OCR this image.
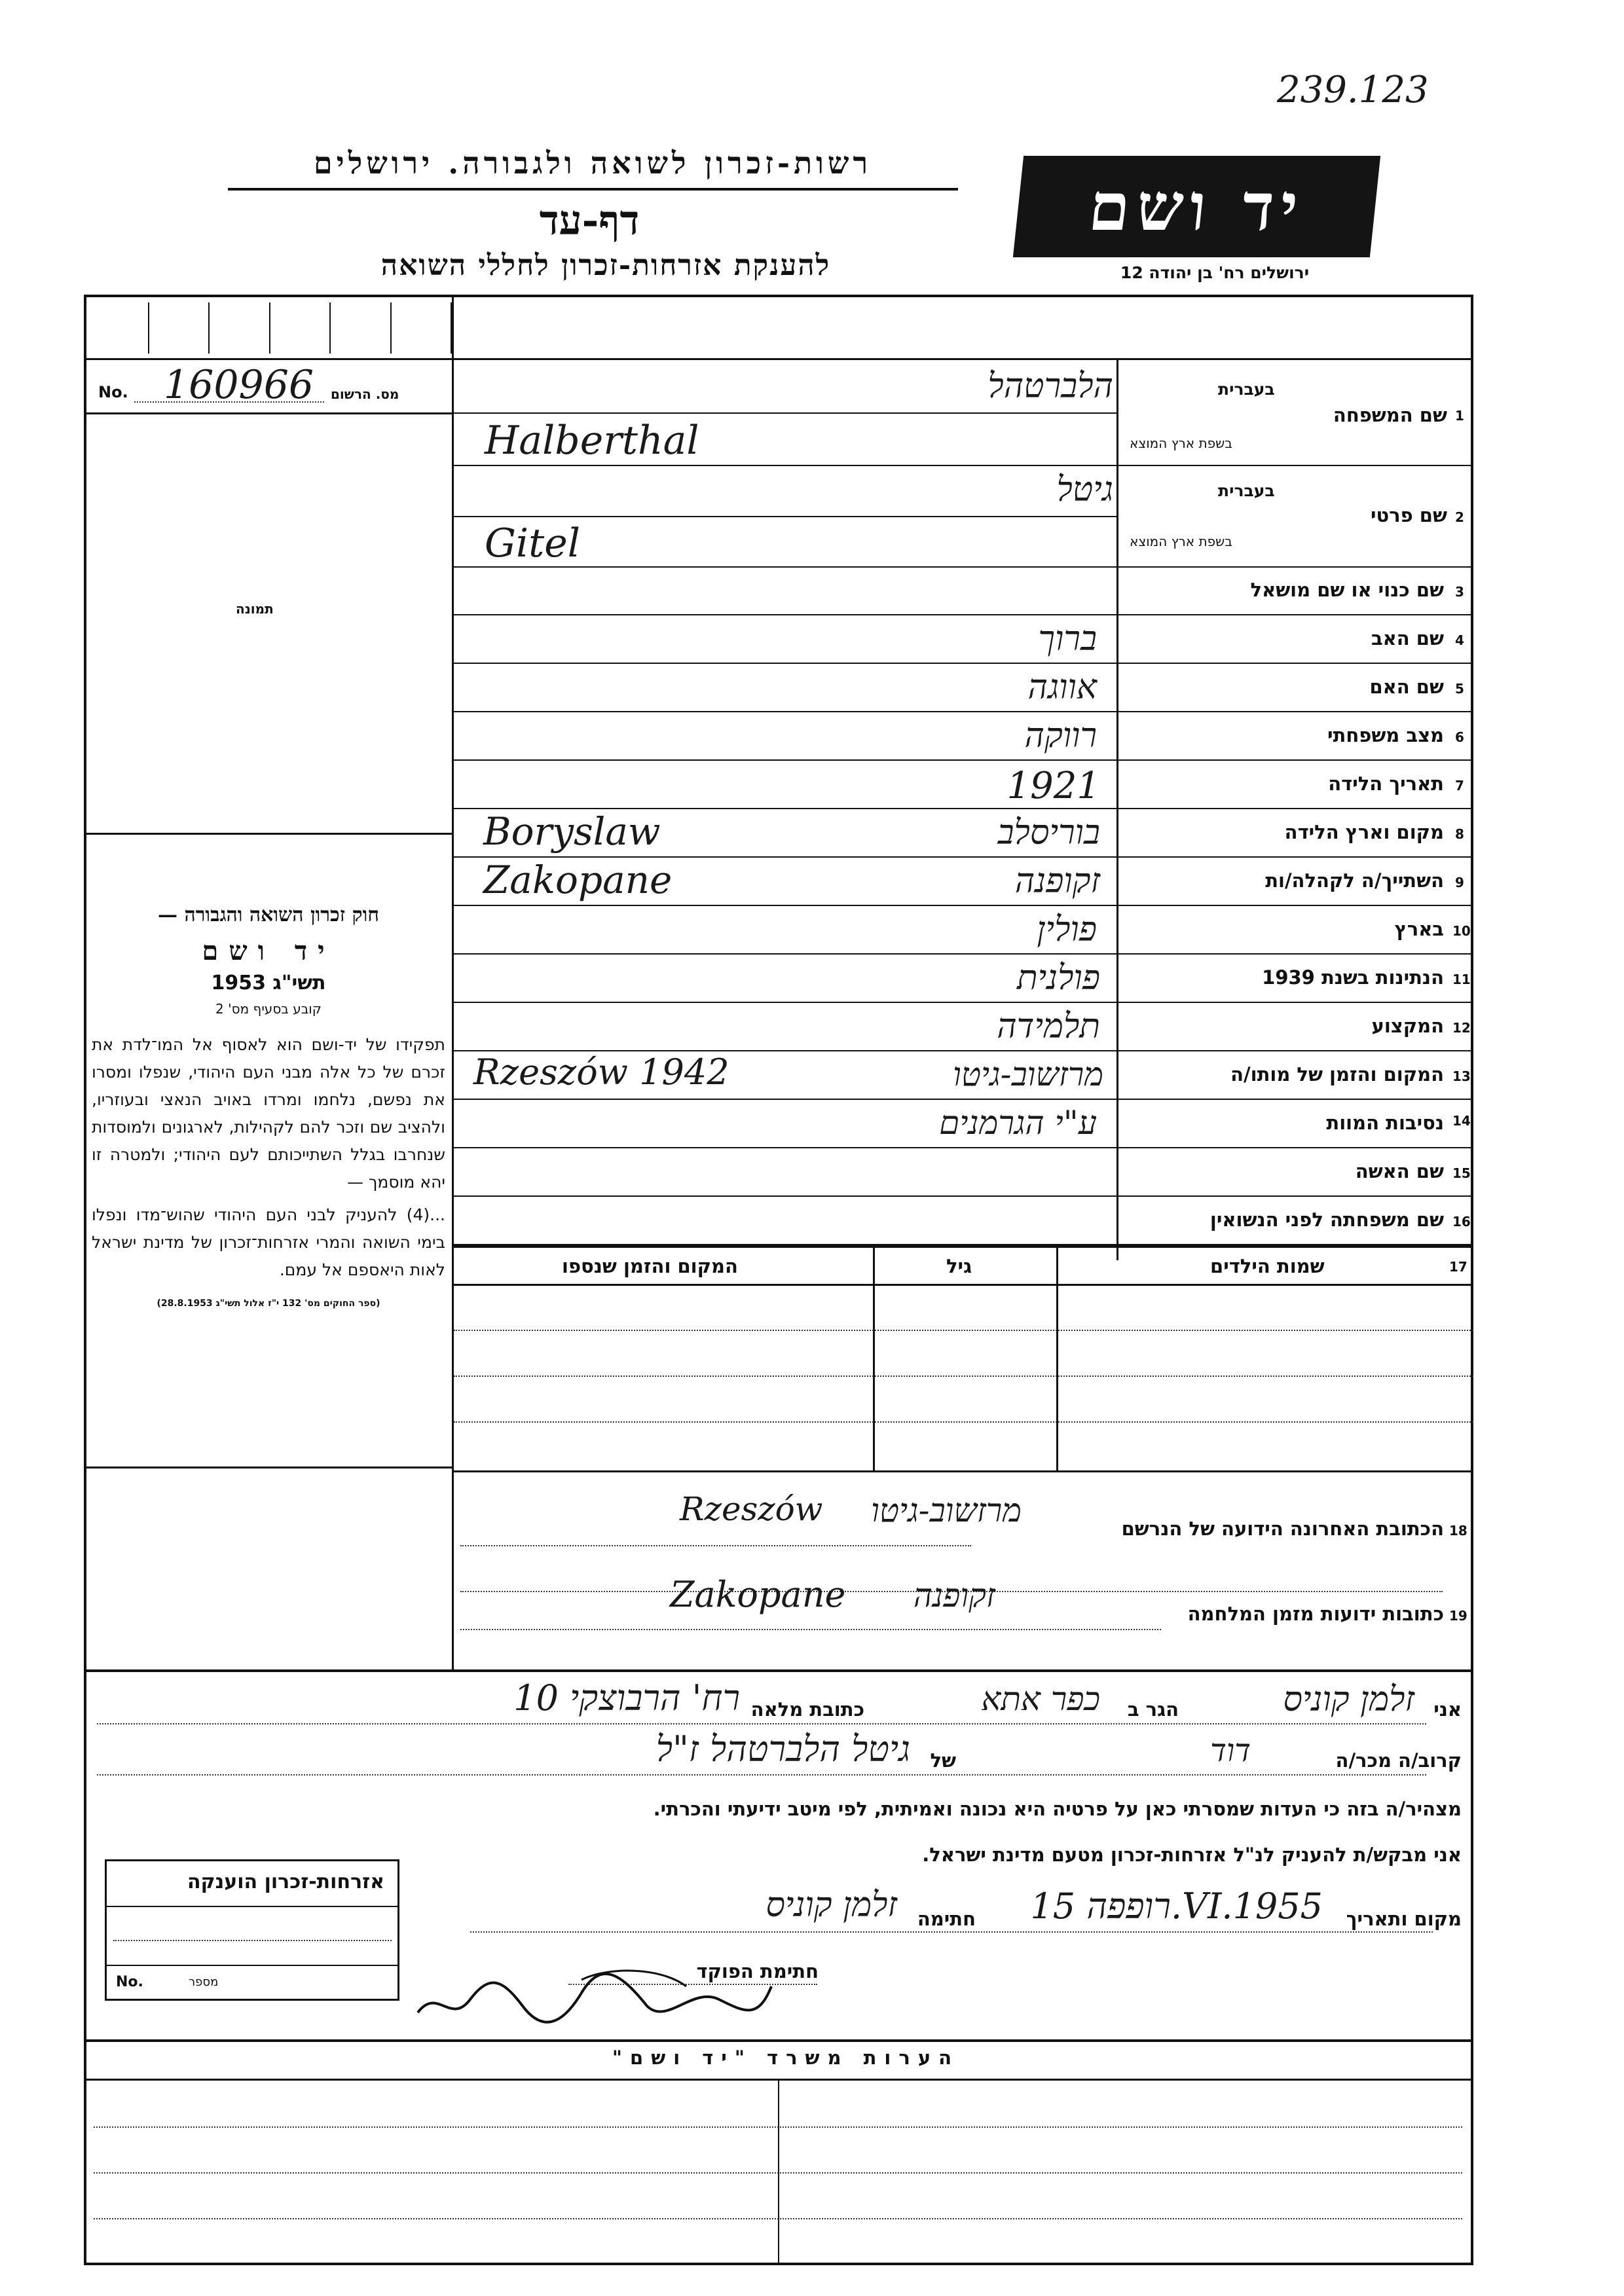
239.123
רשות-זכרון לשואה ולגבורה. ירושלים
דף-עד
להענקת אזרחות-זכרון לחללי השואה
יד ושם
ירושלים רח' בן יהודה 12
No. 160966 מס. הרשום
תמונה
1
שם המשפחה
בעברית
בשפת ארץ המוצא
הלברטהל
Halberthal
2
שם פרטי
בעברית
בשפת ארץ המוצא
גיטל
Gitel
3
שם כנוי או שם מושאל
4
שם האב
ברוך
5
שם האם
אווגה
6
מצב משפחתי
רווקה
7
תאריך הלידה
1921
8
מקום וארץ הלידה
בוריסלב
Boryslaw
9
השתייך/ה לקהלה/ות
זקופנה
Zakopane
10
בארץ
פולין
11
הנתינות בשנת 1939
פולנית
12
המקצוע
תלמידה
13
המקום והזמן של מותו/ה
מרזשוב-גיטו
Rzeszów 1942
14
נסיבות המוות
ע"י הגרמנים
15
שם האשה
16
שם משפחתה לפני הנשואין
חוק זכרון השואה והגבורה —
יד ושם
תשי"ג 1953
קובע בסעיף מס' 2
תפקידו של יד-ושם הוא לאסוף אל המו־לדת את זכרם של כל אלה מבני העם היהודי, שנפלו ומסרו את נפשם, נלחמו ומרדו באויב הנאצי ובעוזריו, ולהציב שם וזכר להם לקהילות, לארגונים ולמוסדות שנחרבו בגלל השתייכותם לעם היהודי; ולמטרה זו יהא מוסמך —
...(4) להעניק לבני העם היהודי שהוש־מדו ונפלו בימי השואה והמרי אזרחות־זכרון של מדינת ישראל לאות היאספם אל עמם.
(ספר החוקים מס' 132 י"ז אלול תשי"ג 28.8.1953)
17
שמות הילדים
גיל
המקום והזמן שנספו
18
הכתובת האחרונה הידועה של הנרשם
מרזשוב-גיטו
Rzeszów
19
כתובות ידועות מזמן המלחמה
זקופנה
Zakopane
אני
זלמן קוניס
הגר ב
כפר אתא
כתובת מלאה
רח' הרבוצקי 10
קרוב/ה מכר/ה
דוד
של
גיטל הלברטהל ז"ל
מצהיר/ה בזה כי העדות שמסרתי כאן על פרטיה היא נכונה ואמיתית, לפי מיטב ידיעתי והכרתי.
אני מבקש/ת להעניק לנ"ל אזרחות-זכרון מטעם מדינת ישראל.
מקום ותאריך
רופפה 15.VI.1955
חתימה
זלמן קוניס
חתימת הפוקד
אזרחות-זכרון הוענקה
No.	מספר
הערות משרד "יד ושם"
